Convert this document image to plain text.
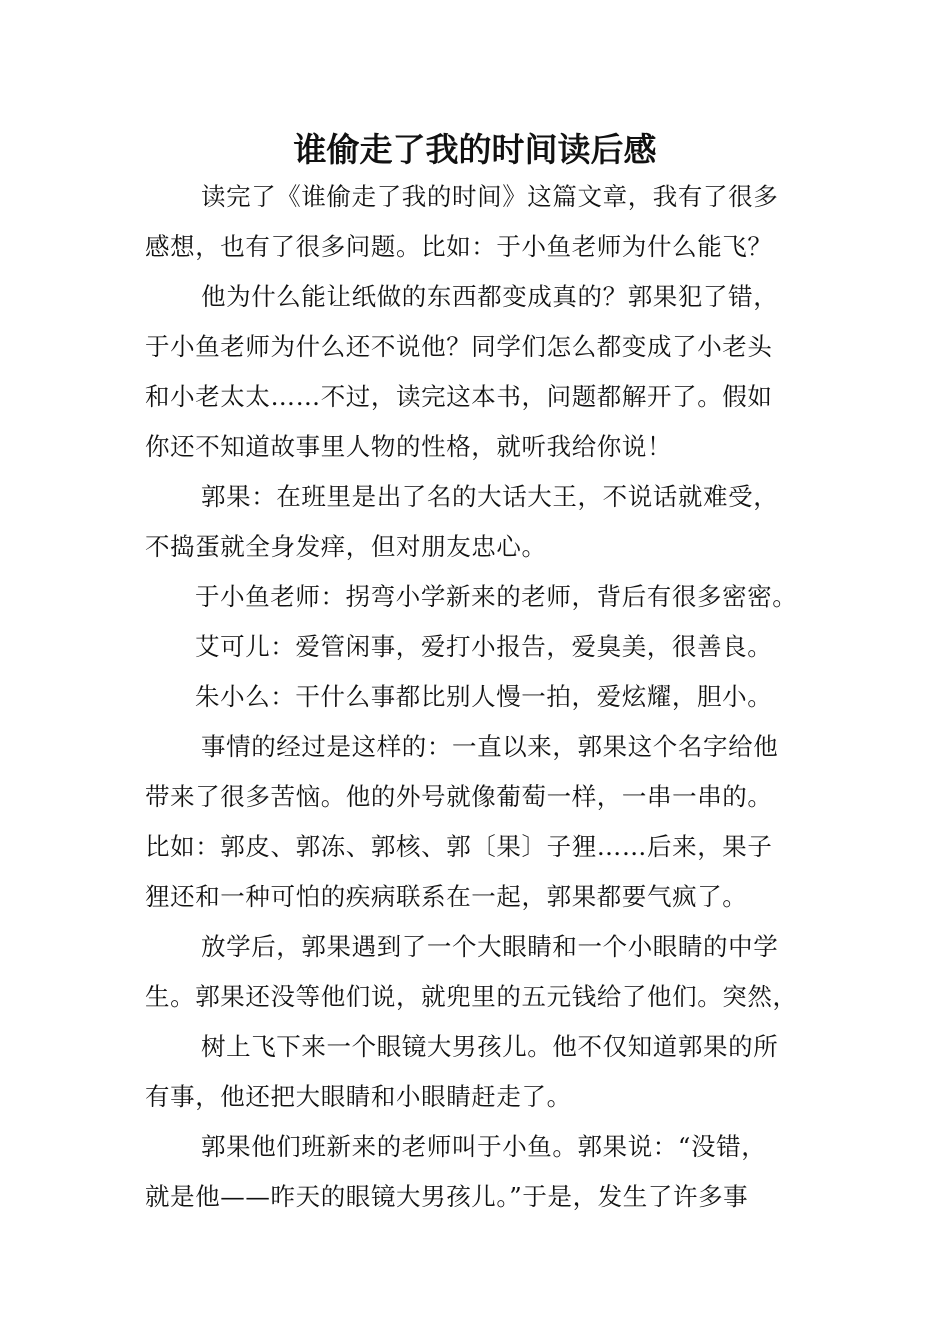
谁偷走了我的时间读后感
读完了《谁偷走了我的时间》这篇文章，我有了很多
感想，也有了很多问题。比如：于小鱼老师为什么能飞？
他为什么能让纸做的东西都变成真的？郭果犯了错，
于小鱼老师为什么还不说他？同学们怎么都变成了小老头
和小老太太……不过，读完这本书，问题都解开了。假如
你还不知道故事里人物的性格，就听我给你说！
郭果：在班里是出了名的大话大王，不说话就难受，
不捣蛋就全身发痒，但对朋友忠心。
于小鱼老师：拐弯小学新来的老师，背后有很多密密。
艾可儿：爱管闲事，爱打小报告，爱臭美，很善良。
朱小么：干什么事都比别人慢一拍，爱炫耀，胆小。
事情的经过是这样的：一直以来，郭果这个名字给他
带来了很多苦恼。他的外号就像葡萄一样，一串一串的。
比如：郭皮、郭冻、郭核、郭〔果〕子狸……后来，果子
狸还和一种可怕的疾病联系在一起，郭果都要气疯了。
放学后，郭果遇到了一个大眼睛和一个小眼睛的中学
生。郭果还没等他们说，就兜里的五元钱给了他们。突然，
树上飞下来一个眼镜大男孩儿。他不仅知道郭果的所
有事，他还把大眼睛和小眼睛赶走了。
郭果他们班新来的老师叫于小鱼。郭果说：“没错，
就是他——昨天的眼镜大男孩儿。”于是，发生了许多事
